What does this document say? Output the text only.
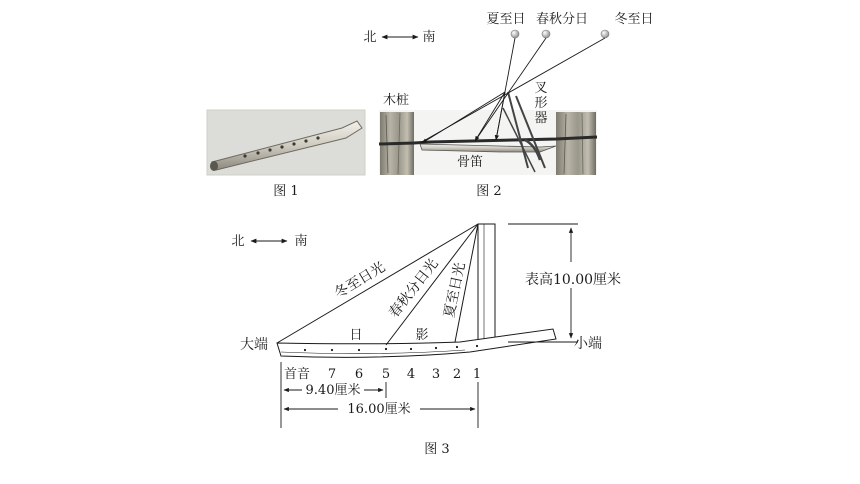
图 1
北	南
夏至日 春秋分日 冬至日
木桩
叉
形
器
骨笛
图 2
北	南
冬至日光
春秋分日光 夏至日光
日	影
表高10.00厘米
大端	小端
首音 7 6 5 4 3 2 1
9.40厘米
16.00厘米
图 3
